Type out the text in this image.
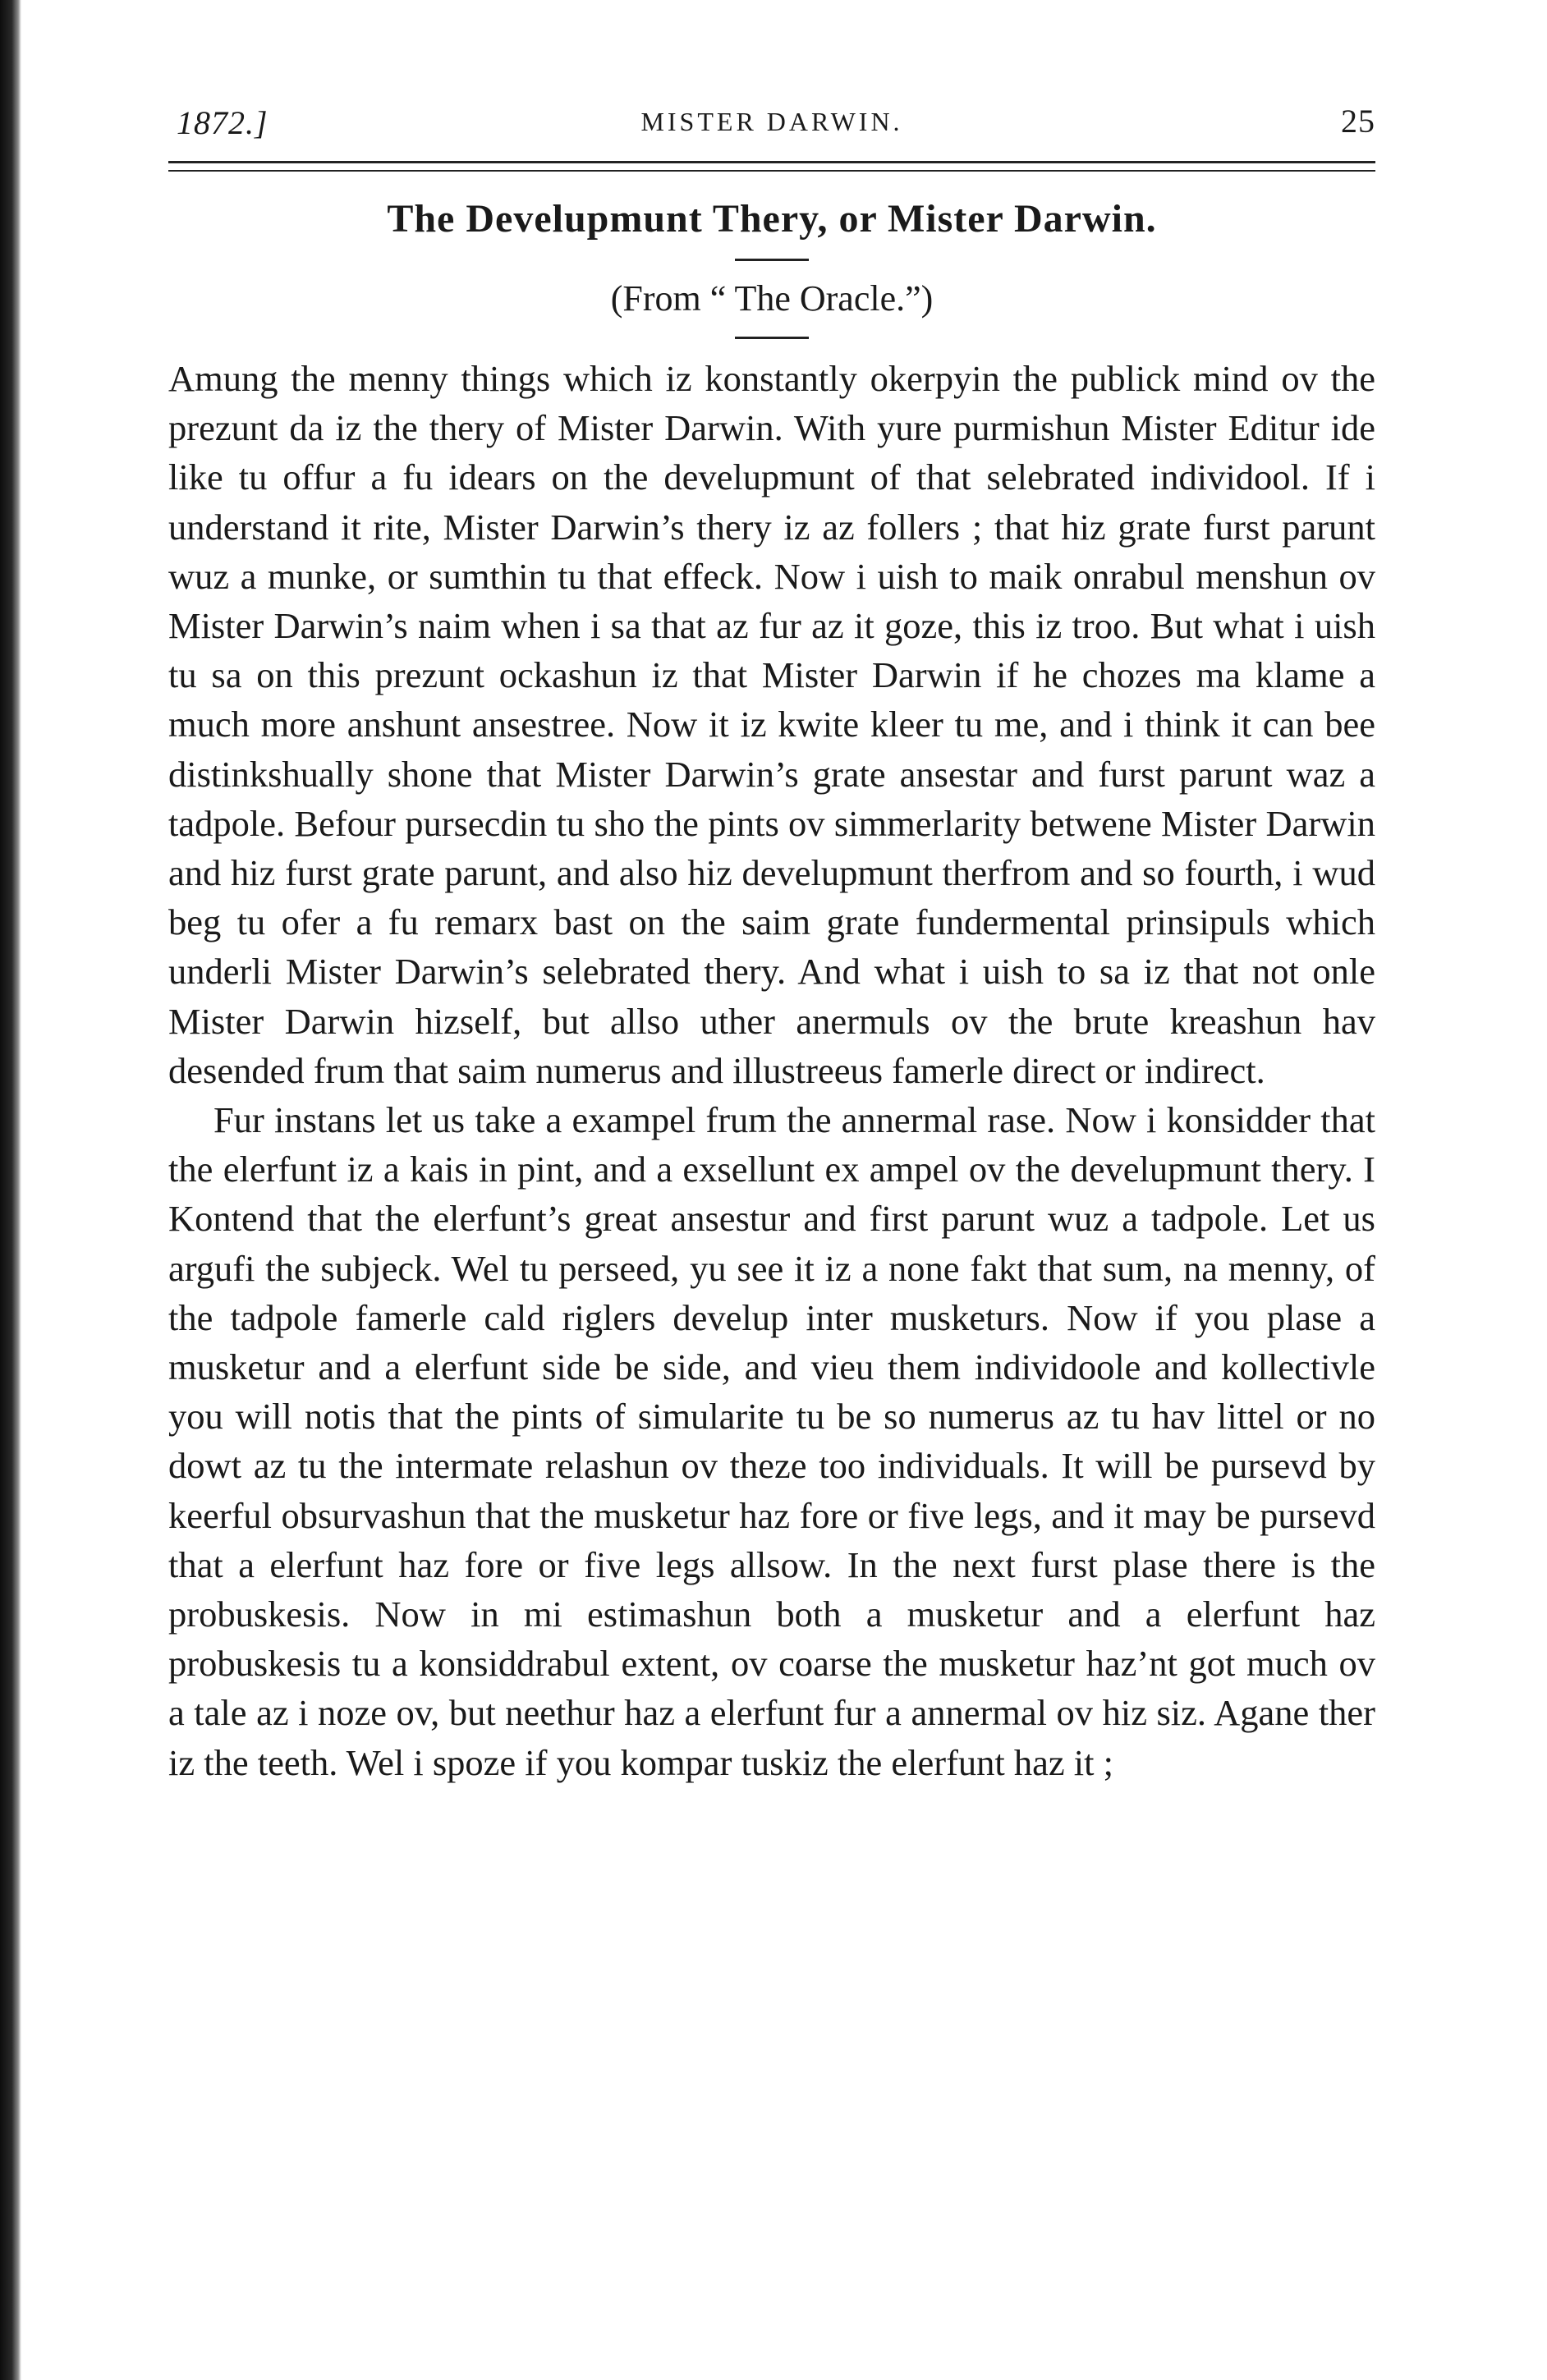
1872.]	MISTER DARWIN.	25
The Develupmunt Thery, or Mister Darwin.

(From “ The Oracle.”)

Amung the menny things which iz konstantly okerpyin the publick mind ov the prezunt da iz the thery of Mister Darwin. With yure purmishun Mister Editur ide like tu offur a fu idears on the develupmunt of that selebrated individool. If i understand it rite, Mister Darwin’s thery iz az follers ; that hiz grate furst parunt wuz a munke, or sumthin tu that effeck. Now i uish to maik onrabul menshun ov Mister Darwin’s naim when i sa that az fur az it goze, this iz troo. But what i uish tu sa on this prezunt ockashun iz that Mister Darwin if he chozes ma klame a much more anshunt ansestree. Now it iz kwite kleer tu me, and i think it can bee distinkshually shone that Mister Darwin’s grate ansestar and furst parunt waz a tadpole. Befour pursecdin tu sho the pints ov simmerlarity betwene Mister Darwin and hiz furst grate parunt, and also hiz develupmunt therfrom and so fourth, i wud beg tu ofer a fu remarx bast on the saim grate fundermental prinsipuls which underli Mister Darwin’s selebrated thery. And what i uish to sa iz that not onle Mister Darwin hizself, but allso uther anermuls ov the brute kreashun hav desended frum that saim numerus and illustreeus famerle direct or indirect.

Fur instans let us take a exampel frum the annermal rase. Now i konsidder that the elerfunt iz a kais in pint, and a exsellunt ex ampel ov the develupmunt thery. I Kontend that the elerfunt’s great ansestur and first parunt wuz a tadpole. Let us argufi the subjeck. Wel tu perseed, yu see it iz a none fakt that sum, na menny, of the tadpole famerle cald riglers develup inter musketurs. Now if you plase a musketur and a elerfunt side be side, and vieu them individoole and kollectivle you will notis that the pints of simularite tu be so numerus az tu hav littel or no dowt az tu the intermate relashun ov theze too individuals. It will be pursevd by keerful obsurvashun that the musketur haz fore or five legs, and it may be pursevd that a elerfunt haz fore or five legs allsow. In the next furst plase there is the probuskesis. Now in mi estimashun both a musketur and a elerfunt haz probuskesis tu a konsiddrabul extent, ov coarse the musketur haz’nt got much ov a tale az i noze ov, but neethur haz a elerfunt fur a annermal ov hiz siz. Agane ther iz the teeth. Wel i spoze if you kompar tuskiz the elerfunt haz it ;
